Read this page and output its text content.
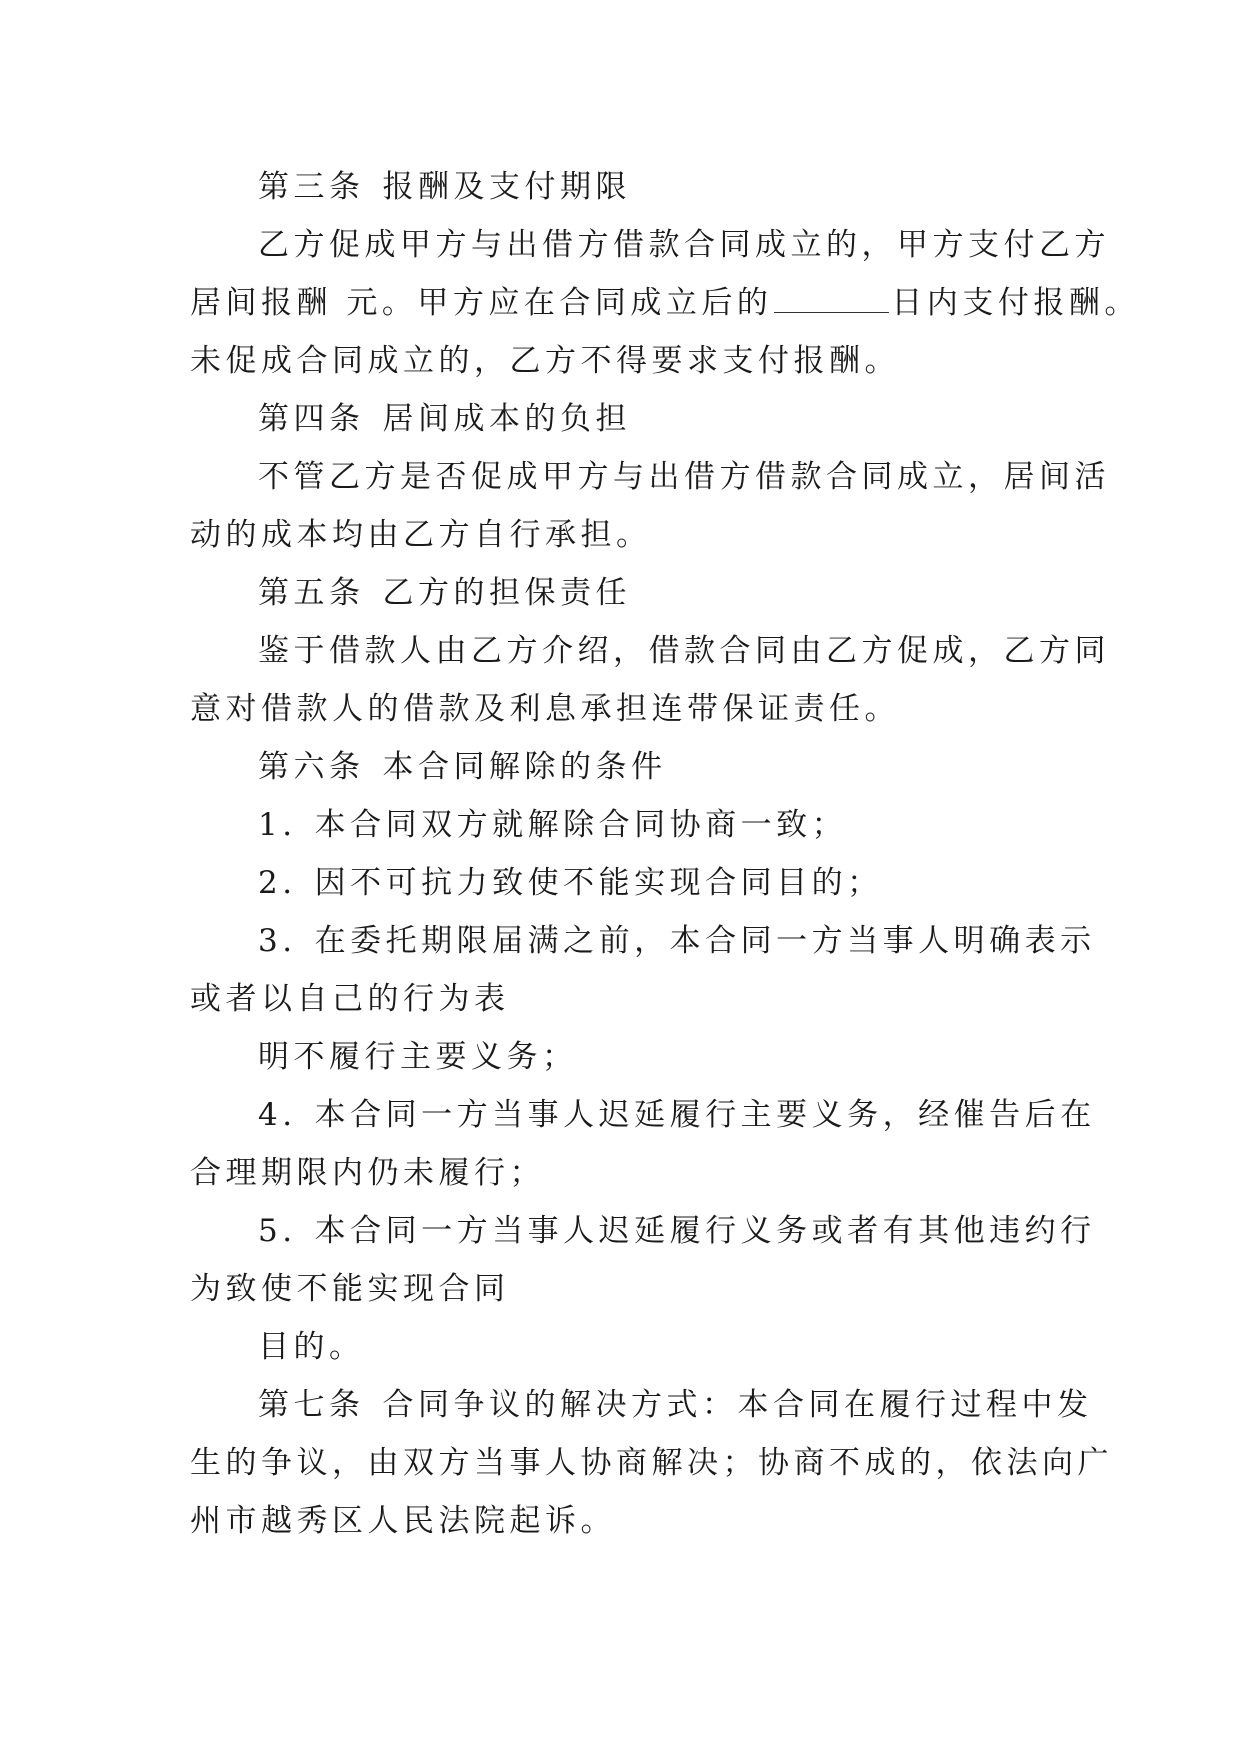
第三条 报酬及支付期限
乙方促成甲方与出借方借款合同成立的，甲方支付乙方
居间报酬 元。甲方应在合同成立后的	日内支付报酬。
未促成合同成立的，乙方不得要求支付报酬。
第四条 居间成本的负担
不管乙方是否促成甲方与出借方借款合同成立，居间活
动的成本均由乙方自行承担。
第五条 乙方的担保责任
鉴于借款人由乙方介绍，借款合同由乙方促成，乙方同
意对借款人的借款及利息承担连带保证责任。
第六条 本合同解除的条件
1. 本合同双方就解除合同协商一致；
2. 因不可抗力致使不能实现合同目的；
3. 在委托期限届满之前，本合同一方当事人明确表示
或者以自己的行为表
明不履行主要义务；
4. 本合同一方当事人迟延履行主要义务，经催告后在
合理期限内仍未履行；
5. 本合同一方当事人迟延履行义务或者有其他违约行
为致使不能实现合同
目的。
第七条 合同争议的解决方式：本合同在履行过程中发
生的争议，由双方当事人协商解决；协商不成的，依法向广
州市越秀区人民法院起诉。
